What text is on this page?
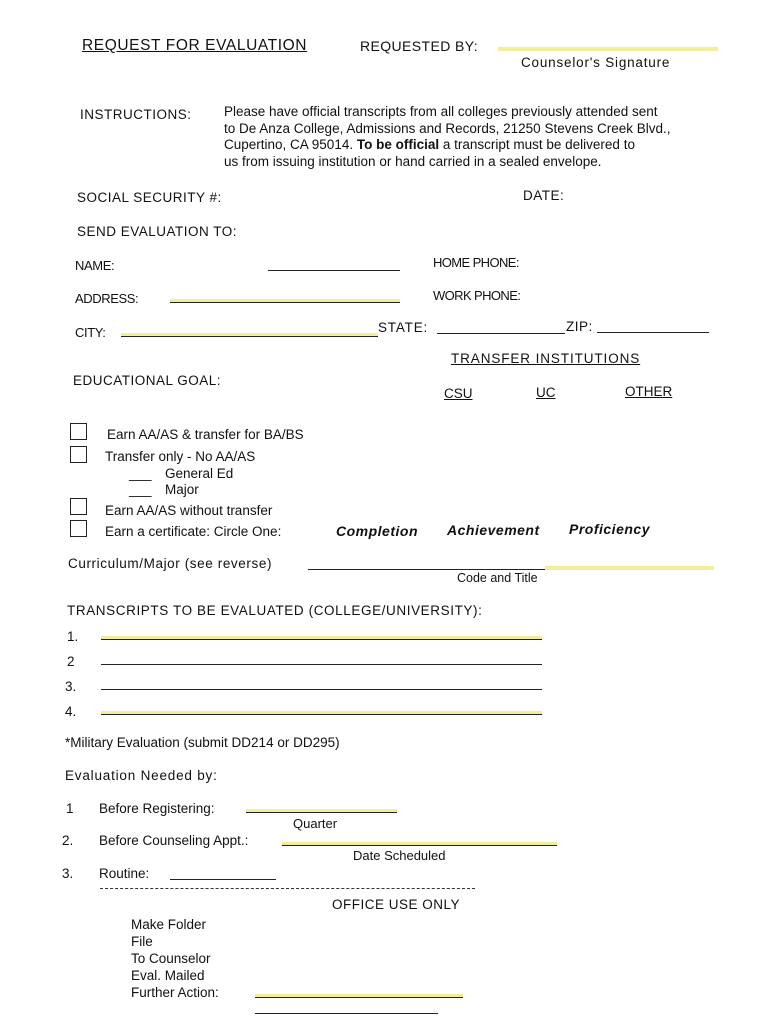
REQUEST FOR EVALUATION	REQUESTED BY:
Counselor's Signature
INSTRUCTIONS: Please have official transcripts from all colleges previously attended sent
to De Anza College, Admissions and Records, 21250 Stevens Creek Blvd.,
Cupertino, CA 95014. To be official a transcript must be delivered to
us from issuing institution or hand carried in a sealed envelope.
SOCIAL SECURITY #:	DATE:
SEND EVALUATION TO:
NAME:	HOME PHONE:
ADDRESS:	WORK PHONE:
CITY:	STATE:	ZIP:
TRANSFER INSTITUTIONS
EDUCATIONAL GOAL:
CSU	UC	OTHER
Earn AA/AS & transfer for BA/BS
Transfer only - No AA/AS
___ General Ed
___ Major
Earn AA/AS without transfer
Earn a certificate: Circle One:	Completion Achievement Proficiency
Curriculum/Major (see reverse)
Code and Title
TRANSCRIPTS TO BE EVALUATED (COLLEGE/UNIVERSITY):
1.
2
3.
4.
*Military Evaluation (submit DD214 or DD295)
Evaluation Needed by:
1 Before Registering:
Quarter
2. Before Counseling Appt.:
Date Scheduled
3. Routine:
OFFICE USE ONLY
Make Folder
File
To Counselor
Eval. Mailed
Further Action:
